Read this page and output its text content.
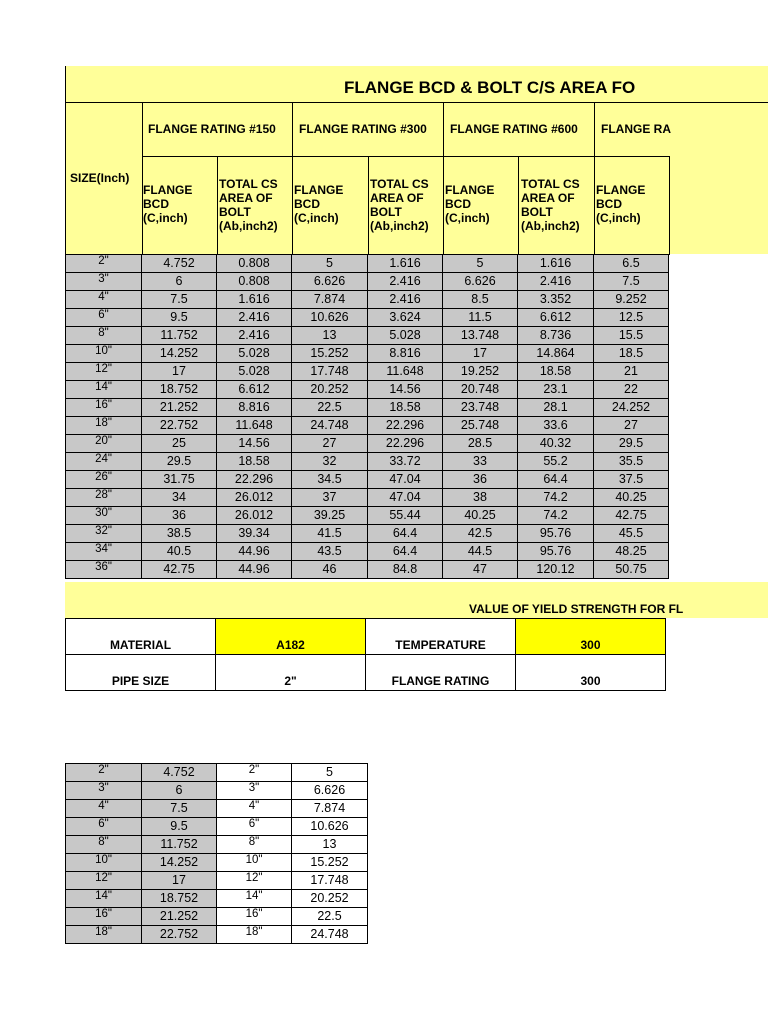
FLANGE BCD & BOLT C/S AREA FO
SIZE(Inch)
FLANGE RATING #150 FLANGE RATING #300 FLANGE RATING #600 FLANGE RA
FLANGE
BCD
(C,inch)
TOTAL CS
AREA OF
BOLT
(Ab,inch2)
FLANGE
BCD
(C,inch)
TOTAL CS
AREA OF
BOLT
(Ab,inch2)
FLANGE
BCD
(C,inch)
TOTAL CS
AREA OF
BOLT
(Ab,inch2)
FLANGE
BCD
(C,inch)
2"	4.752	0.808	5	1.616	5	1.616	6.5
3"	6	0.808	6.626	2.416	6.626	2.416	7.5
4"	7.5	1.616	7.874	2.416	8.5	3.352	9.252
6"	9.5	2.416	10.626	3.624	11.5	6.612	12.5
8"	11.752	2.416	13	5.028	13.748	8.736	15.5
10"	14.252	5.028	15.252	8.816	17	14.864	18.5
12"	17	5.028	17.748	11.648	19.252	18.58	21
14"	18.752	6.612	20.252	14.56	20.748	23.1	22
16"	21.252	8.816	22.5	18.58	23.748	28.1	24.252
18"	22.752	11.648	24.748	22.296	25.748	33.6	27
20"	25	14.56	27	22.296	28.5	40.32	29.5
24"	29.5	18.58	32	33.72	33	55.2	35.5
26"	31.75	22.296	34.5	47.04	36	64.4	37.5
28"	34	26.012	37	47.04	38	74.2	40.25
30"	36	26.012	39.25	55.44	40.25	74.2	42.75
32"	38.5	39.34	41.5	64.4	42.5	95.76	45.5
34"	40.5	44.96	43.5	64.4	44.5	95.76	48.25
36"	42.75	44.96	46	84.8	47	120.12	50.75
VALUE OF YIELD STRENGTH FOR FL
MATERIAL	A182	TEMPERATURE	300
PIPE SIZE	2"	FLANGE RATING	300
2"	4.752	2"	5
3"	6	3"	6.626
4"	7.5	4"	7.874
6"	9.5	6"	10.626
8"	11.752	8"	13
10"	14.252	10"	15.252
12"	17	12"	17.748
14"	18.752	14"	20.252
16"	21.252	16"	22.5
18"	22.752	18"	24.748
